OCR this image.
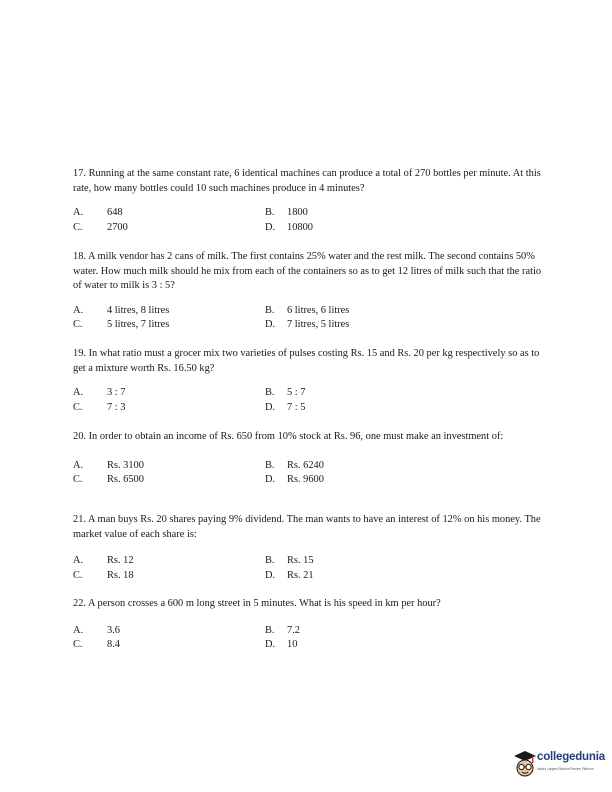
17. Running at the same constant rate, 6 identical machines can produce a total of 270 bottles per minute. At this rate, how many bottles could 10 such machines produce in 4 minutes?

A. 648	B. 1800
C. 2700	D. 10800

18. A milk vendor has 2 cans of milk. The first contains 25% water and the rest milk. The second contains 50% water. How much milk should he mix from each of the containers so as to get 12 litres of milk such that the ratio of water to milk is 3 : 5?

A. 4 litres, 8 litres	B. 6 litres, 6 litres
C. 5 litres, 7 litres	D. 7 litres, 5 litres

19. In what ratio must a grocer mix two varieties of pulses costing Rs. 15 and Rs. 20 per kg respectively so as to get a mixture worth Rs. 16.50 kg?

A. 3 : 7	B. 5 : 7
C. 7 : 3	D. 7 : 5

20. In order to obtain an income of Rs. 650 from 10% stock at Rs. 96, one must make an investment of:

A. Rs. 3100	B. Rs. 6240
C. Rs. 6500	D. Rs. 9600

21. A man buys Rs. 20 shares paying 9% dividend. The man wants to have an interest of 12% on his money. The market value of each share is:

A. Rs. 12	B. Rs. 15
C. Rs. 18	D. Rs. 21

22. A person crosses a 600 m long street in 5 minutes. What is his speed in km per hour?

A. 3.6	B. 7.2
C. 8.4	D. 10
collegedunia
India's Largest Student Review Platform
